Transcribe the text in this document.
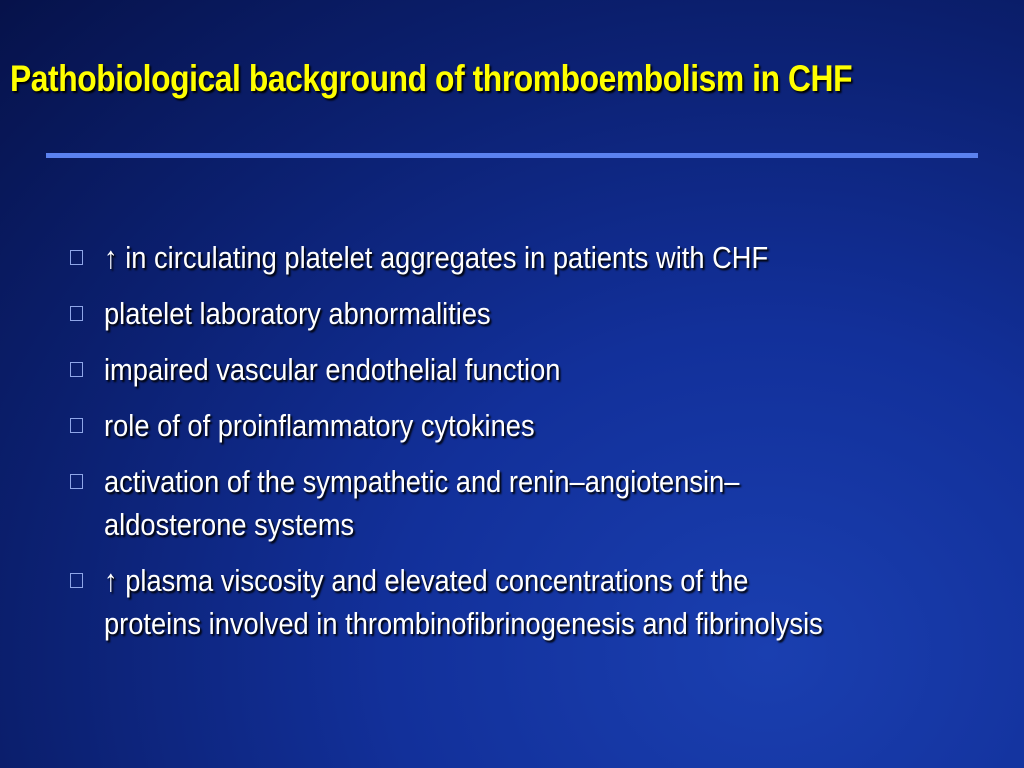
Pathobiological background of thromboembolism in CHF
↑ in circulating platelet aggregates in patients with CHF
platelet laboratory abnormalities
impaired vascular endothelial function
role of of proinflammatory cytokines
activation of the sympathetic and renin–angiotensin–
aldosterone systems
↑ plasma viscosity and elevated concentrations of the
proteins involved in thrombinofibrinogenesis and fibrinolysis
